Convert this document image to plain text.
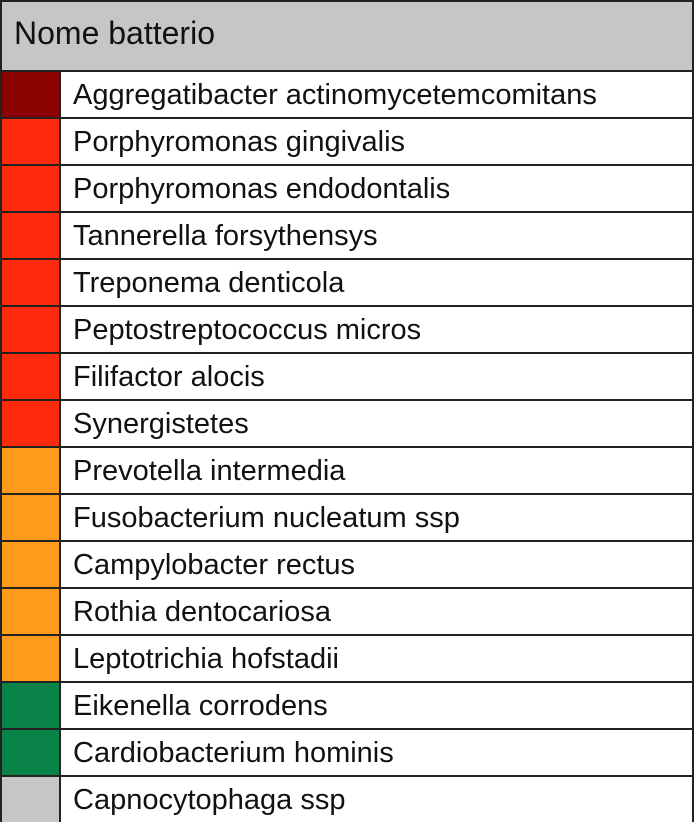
Nome batterio
Aggregatibacter actinomycetemcomitans
Porphyromonas gingivalis
Porphyromonas endodontalis
Tannerella forsythensys
Treponema denticola
Peptostreptococcus micros
Filifactor alocis
Synergistetes
Prevotella intermedia
Fusobacterium nucleatum ssp
Campylobacter rectus
Rothia dentocariosa
Leptotrichia hofstadii
Eikenella corrodens
Cardiobacterium hominis
Capnocytophaga ssp
